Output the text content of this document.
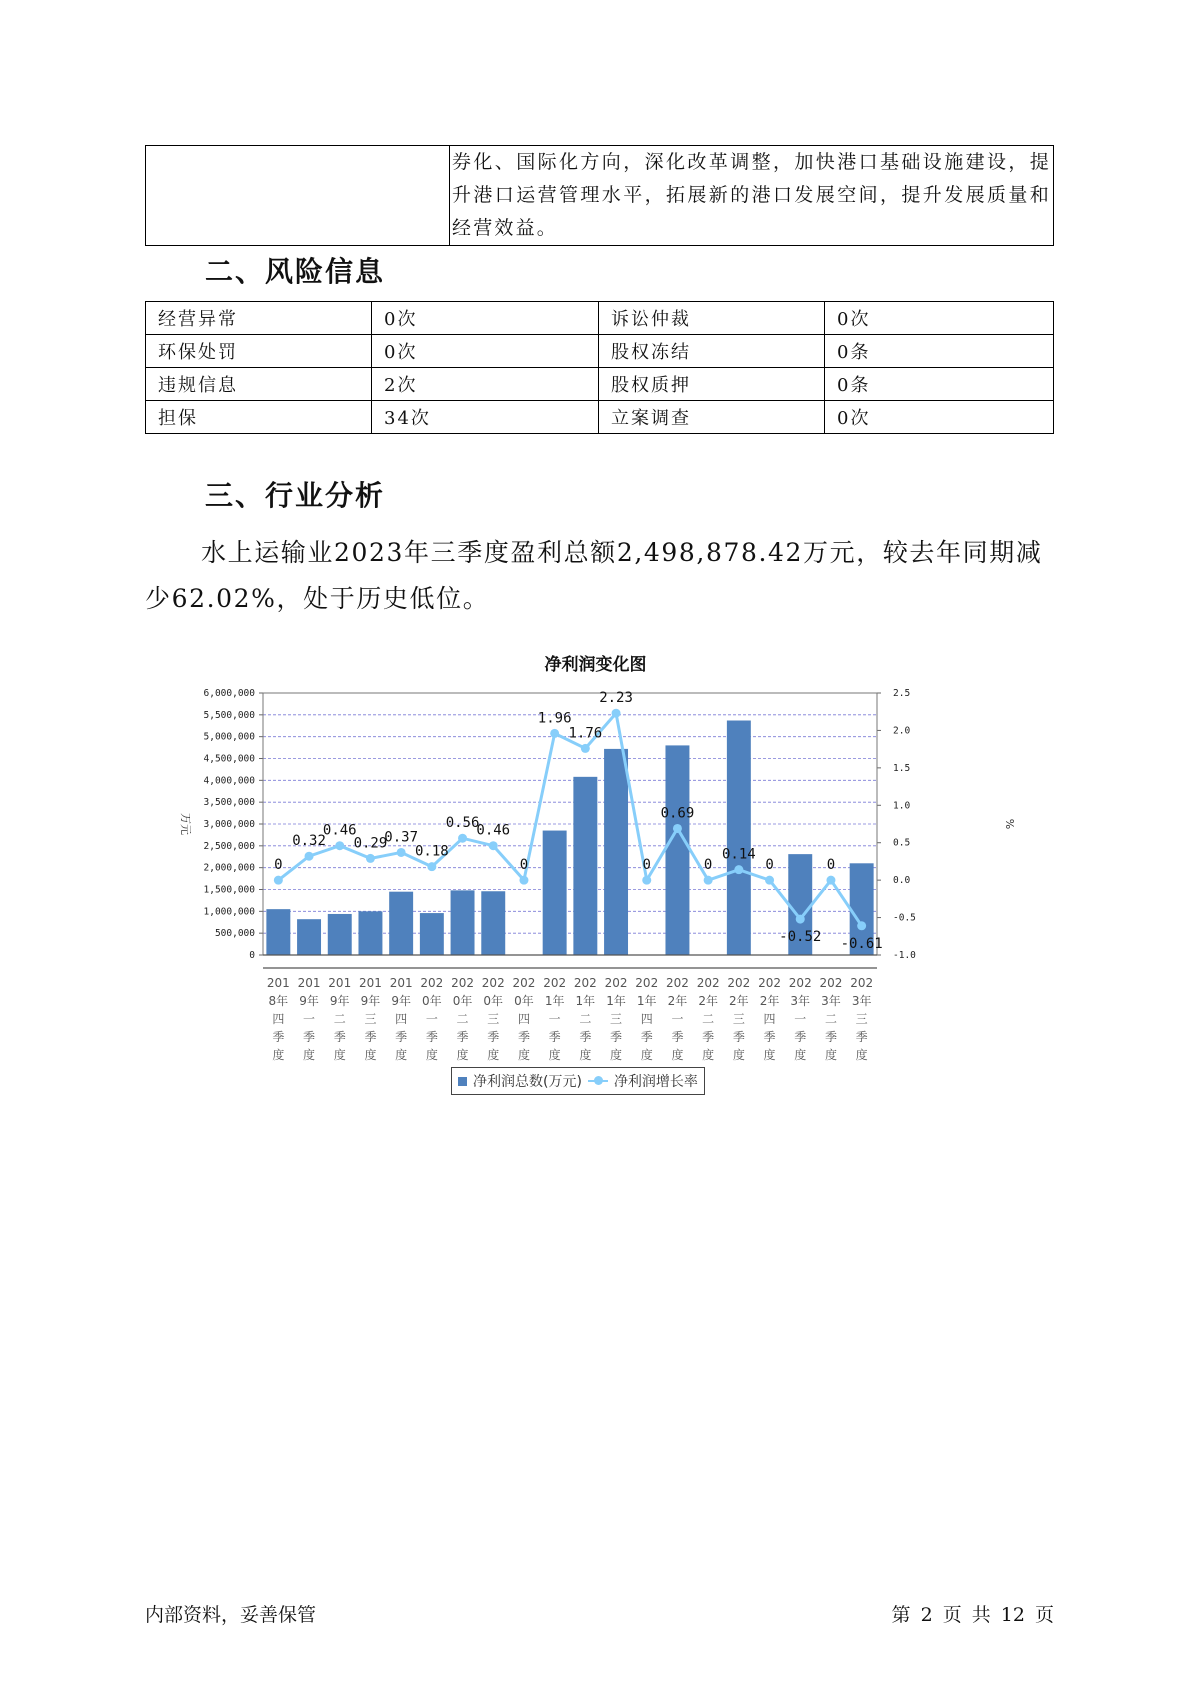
	券化、国际化方向，深化改革调整，加快港口基础设施建设，提升港口运营管理水平，拓展新的港口发展空间，提升发展质量和经营效益。
二、风险信息
经营异常	0次	诉讼仲裁	0次
环保处罚	0次	股权冻结	0条
违规信息	2次	股权质押	0条
担保	34次	立案调查	0次
三、行业分析

水上运输业2023年三季度盈利总额2,498,878.42万元，较去年同期减少62.02%，处于历史低位。

净利润变化图
0
500,000
1,000,000
1,500,000
2,000,000
2,500,000
3,000,000
3,500,000
4,000,000
4,500,000
5,000,000
5,500,000
6,000,000
-1.0
-0.5
0.0
0.5
1.0
1.5
2.0
2.5
0
0.32
0.46
0.29
0.37
0.18
0.56
0.46
0
1.96
1.76
2.23
0
0.69
0
0.14
0
-0.52
0
-0.61
201
8年
四
季
度
201
9年
一
季
度
201
9年
二
季
度
201
9年
三
季
度
201
9年
四
季
度
202
0年
一
季
度
202
0年
二
季
度
202
0年
三
季
度
202
0年
四
季
度
202
1年
一
季
度
202
1年
二
季
度
202
1年
三
季
度
202
1年
四
季
度
202
2年
一
季
度
202
2年
二
季
度
202
2年
三
季
度
202
2年
四
季
度
202
3年
一
季
度
202
3年
二
季
度
202
3年
三
季
度
万元	%
净利润总数(万元) 净利润增长率

内部资料，妥善保管	第 2 页 共 12 页
